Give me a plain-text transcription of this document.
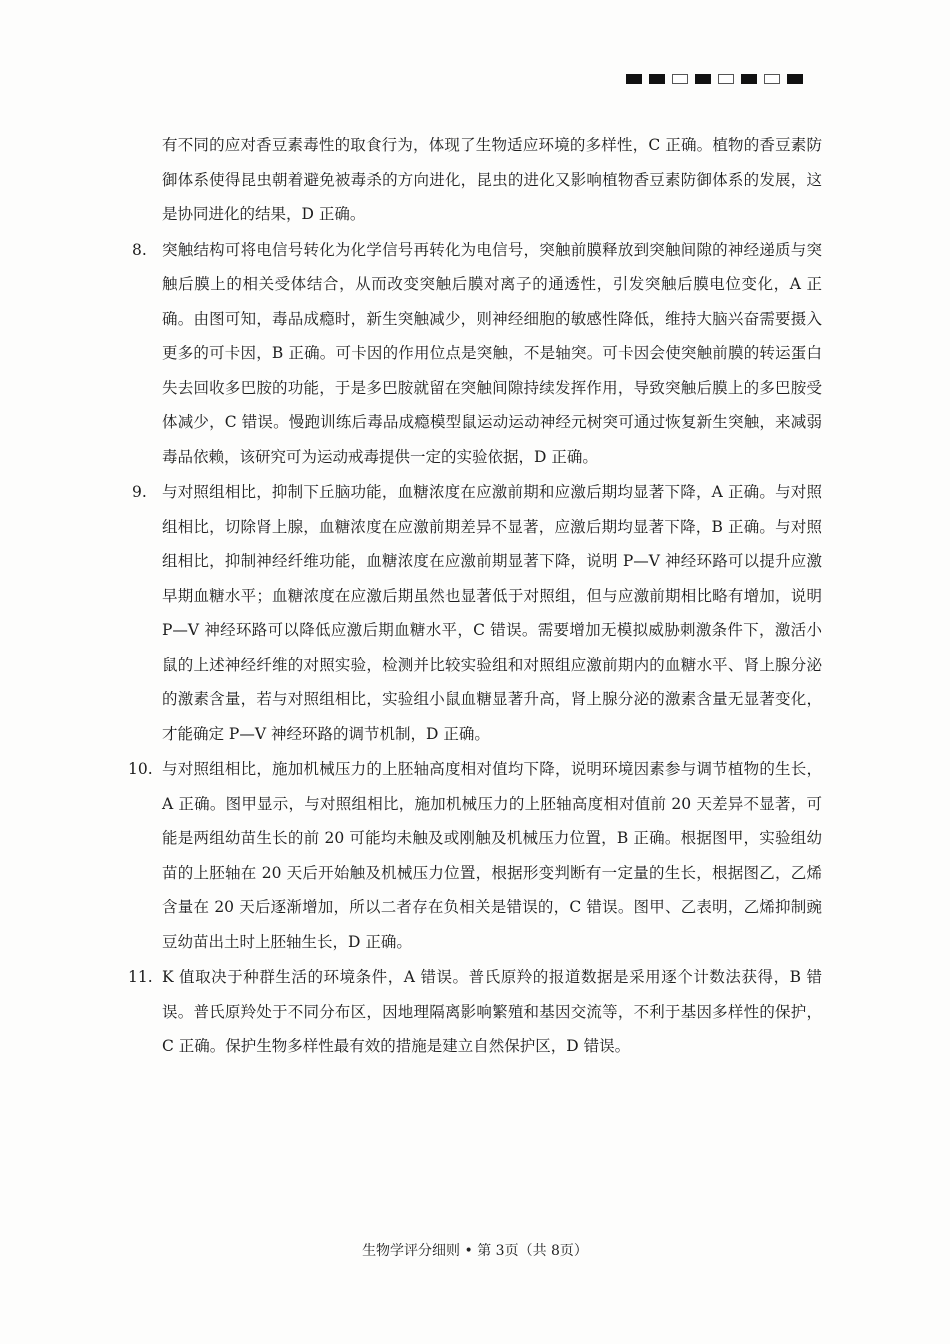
有不同的应对香豆素毒性的取食行为，体现了生物适应环境的多样性，C 正确。植物的香豆素防御体系使得昆虫朝着避免被毒杀的方向进化，昆虫的进化又影响植物香豆素防御体系的发展，这是协同进化的结果，D 正确。

8. 突触结构可将电信号转化为化学信号再转化为电信号，突触前膜释放到突触间隙的神经递质与突触后膜上的相关受体结合，从而改变突触后膜对离子的通透性，引发突触后膜电位变化，A 正确。由图可知，毒品成瘾时，新生突触减少，则神经细胞的敏感性降低，维持大脑兴奋需要摄入更多的可卡因，B 正确。可卡因的作用位点是突触，不是轴突。可卡因会使突触前膜的转运蛋白失去回收多巴胺的功能，于是多巴胺就留在突触间隙持续发挥作用，导致突触后膜上的多巴胺受体减少，C 错误。慢跑训练后毒品成瘾模型鼠运动运动神经元树突可通过恢复新生突触，来减弱毒品依赖，该研究可为运动戒毒提供一定的实验依据，D 正确。
9. 与对照组相比，抑制下丘脑功能，血糖浓度在应激前期和应激后期均显著下降，A 正确。与对照组相比，切除肾上腺，血糖浓度在应激前期差异不显著，应激后期均显著下降，B 正确。与对照组相比，抑制神经纤维功能，血糖浓度在应激前期显著下降，说明 P—V 神经环路可以提升应激早期血糖水平；血糖浓度在应激后期虽然也显著低于对照组，但与应激前期相比略有增加，说明 P—V 神经环路可以降低应激后期血糖水平，C 错误。需要增加无模拟威胁刺激条件下，激活小鼠的上述神经纤维的对照实验，检测并比较实验组和对照组应激前期内的血糖水平、肾上腺分泌的激素含量，若与对照组相比，实验组小鼠血糖显著升高，肾上腺分泌的激素含量无显著变化，才能确定 P—V 神经环路的调节机制，D 正确。
10. 与对照组相比，施加机械压力的上胚轴高度相对值均下降，说明环境因素参与调节植物的生长，A 正确。图甲显示，与对照组相比，施加机械压力的上胚轴高度相对值前 20 天差异不显著，可能是两组幼苗生长的前 20 可能均未触及或刚触及机械压力位置，B 正确。根据图甲，实验组幼苗的上胚轴在 20 天后开始触及机械压力位置，根据形变判断有一定量的生长，根据图乙，乙烯含量在 20 天后逐渐增加，所以二者存在负相关是错误的，C 错误。图甲、乙表明，乙烯抑制豌豆幼苗出土时上胚轴生长，D 正确。
11. K 值取决于种群生活的环境条件，A 错误。普氏原羚的报道数据是采用逐个计数法获得，B 错误。普氏原羚处于不同分布区，因地理隔离影响繁殖和基因交流等，不利于基因多样性的保护，C 正确。保护生物多样性最有效的措施是建立自然保护区，D 错误。
生物学评分细则 • 第 3页（共 8页）
